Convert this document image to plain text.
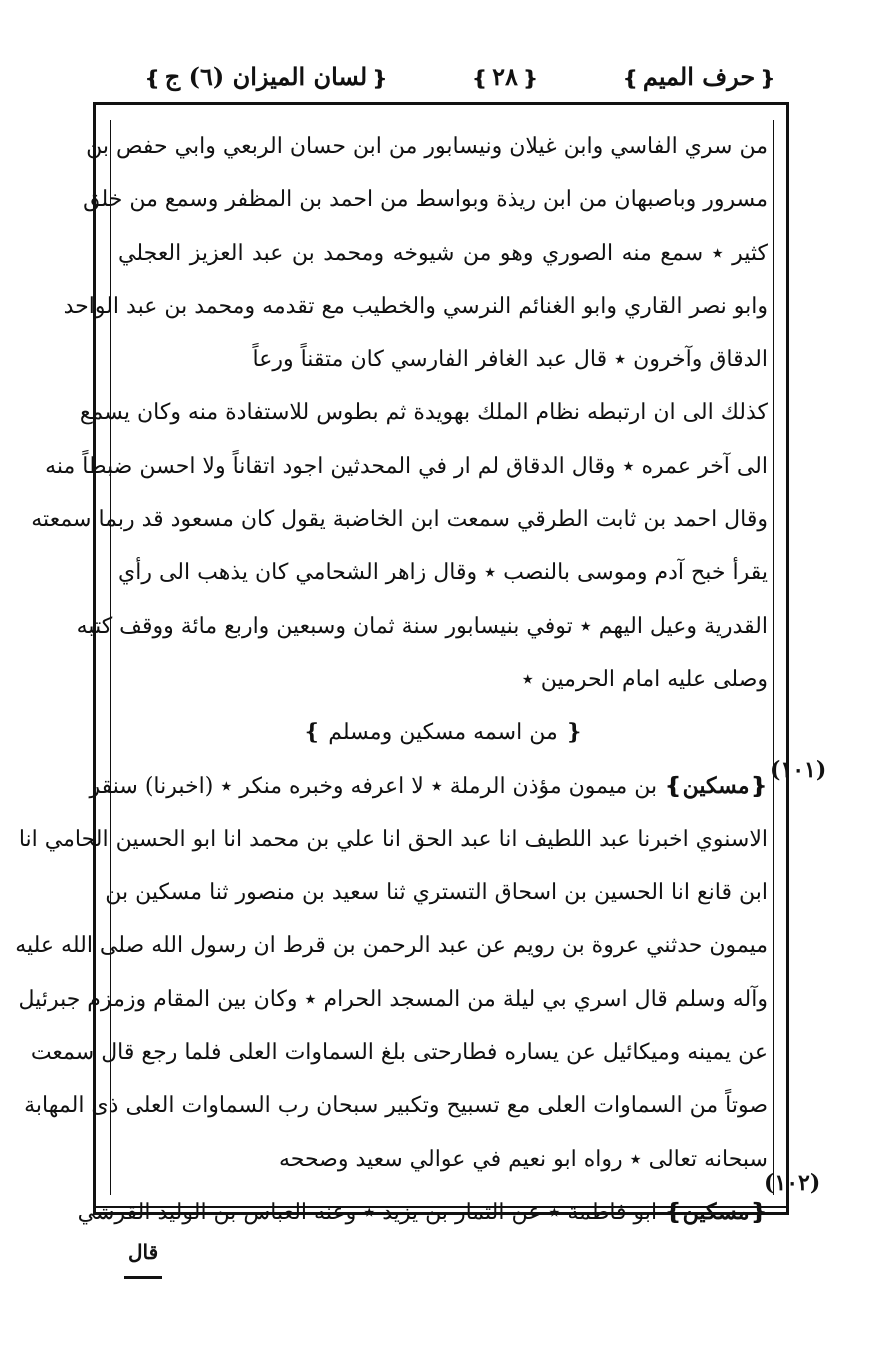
❴حرف الميم❵
❴٢٨❵
❴لسان الميزان (٦) ج❵
من سري الفاسي وابن غيلان ونيسابور من ابن حسان الربعي وابي حفص بن
مسرور وباصبهان من ابن ريذة وبواسط من احمد بن المظفر وسمع من خلق
كثير ٭ سمع منه الصوري وهو من شيوخه ومحمد بن عبد العزيز العجلي
وابو نصر القاري وابو الغنائم النرسي والخطيب مع تقدمه ومحمد بن عبد الواحد
الدقاق وآخرون ٭ قال عبد الغافر الفارسي كان متقناً ورعاً
كذلك الى ان ارتبطه نظام الملك بهويدة ثم بطوس للاستفادة منه وكان يسمع
الى آخر عمره ٭ وقال الدقاق لم ار في المحدثين اجود اتقاناً ولا احسن ضبطاً منه
وقال احمد بن ثابت الطرقي سمعت ابن الخاضبة يقول كان مسعود قد ربما سمعته
يقرأ خبح آدم وموسى بالنصب ٭ وقال زاهر الشحامي كان يذهب الى رأي
القدرية وعيل اليهم ٭ توفي بنيسابور سنة ثمان وسبعين واربع مائة ووقف كتبه
وصلى عليه امام الحرمين ٭
❴ من اسمه مسكين ومسلم ❵
❴مسكين❵ بن ميمون مؤذن الرملة ٭ لا اعرفه وخبره منكر ٭ (اخبرنا) سنقر
الاسنوي اخبرنا عبد اللطيف انا عبد الحق انا علي بن محمد انا ابو الحسين الحامي انا
ابن قانع انا الحسين بن اسحاق التستري ثنا سعيد بن منصور ثنا مسكين بن
ميمون حدثني عروة بن رويم عن عبد الرحمن بن قرط ان رسول الله صلى الله عليه
وآله وسلم قال اسري بي ليلة من المسجد الحرام ٭ وكان بين المقام وزمزم جبرئيل
عن يمينه وميكائيل عن يساره فطارحتى بلغ السماوات العلى فلما رجع قال سمعت
صوتاً من السماوات العلى مع تسبيح وتكبير سبحان رب السماوات العلى ذى المهابة
سبحانه تعالى ٭ رواه ابو نعيم في عوالي سعيد وصححه
❴مسكين❵ ابو فاطمة ٭ عن التمار بن يزيد ٭ وعنه العباس بن الوليد القرشي
(١٠١)
(١٠٢)
قال
